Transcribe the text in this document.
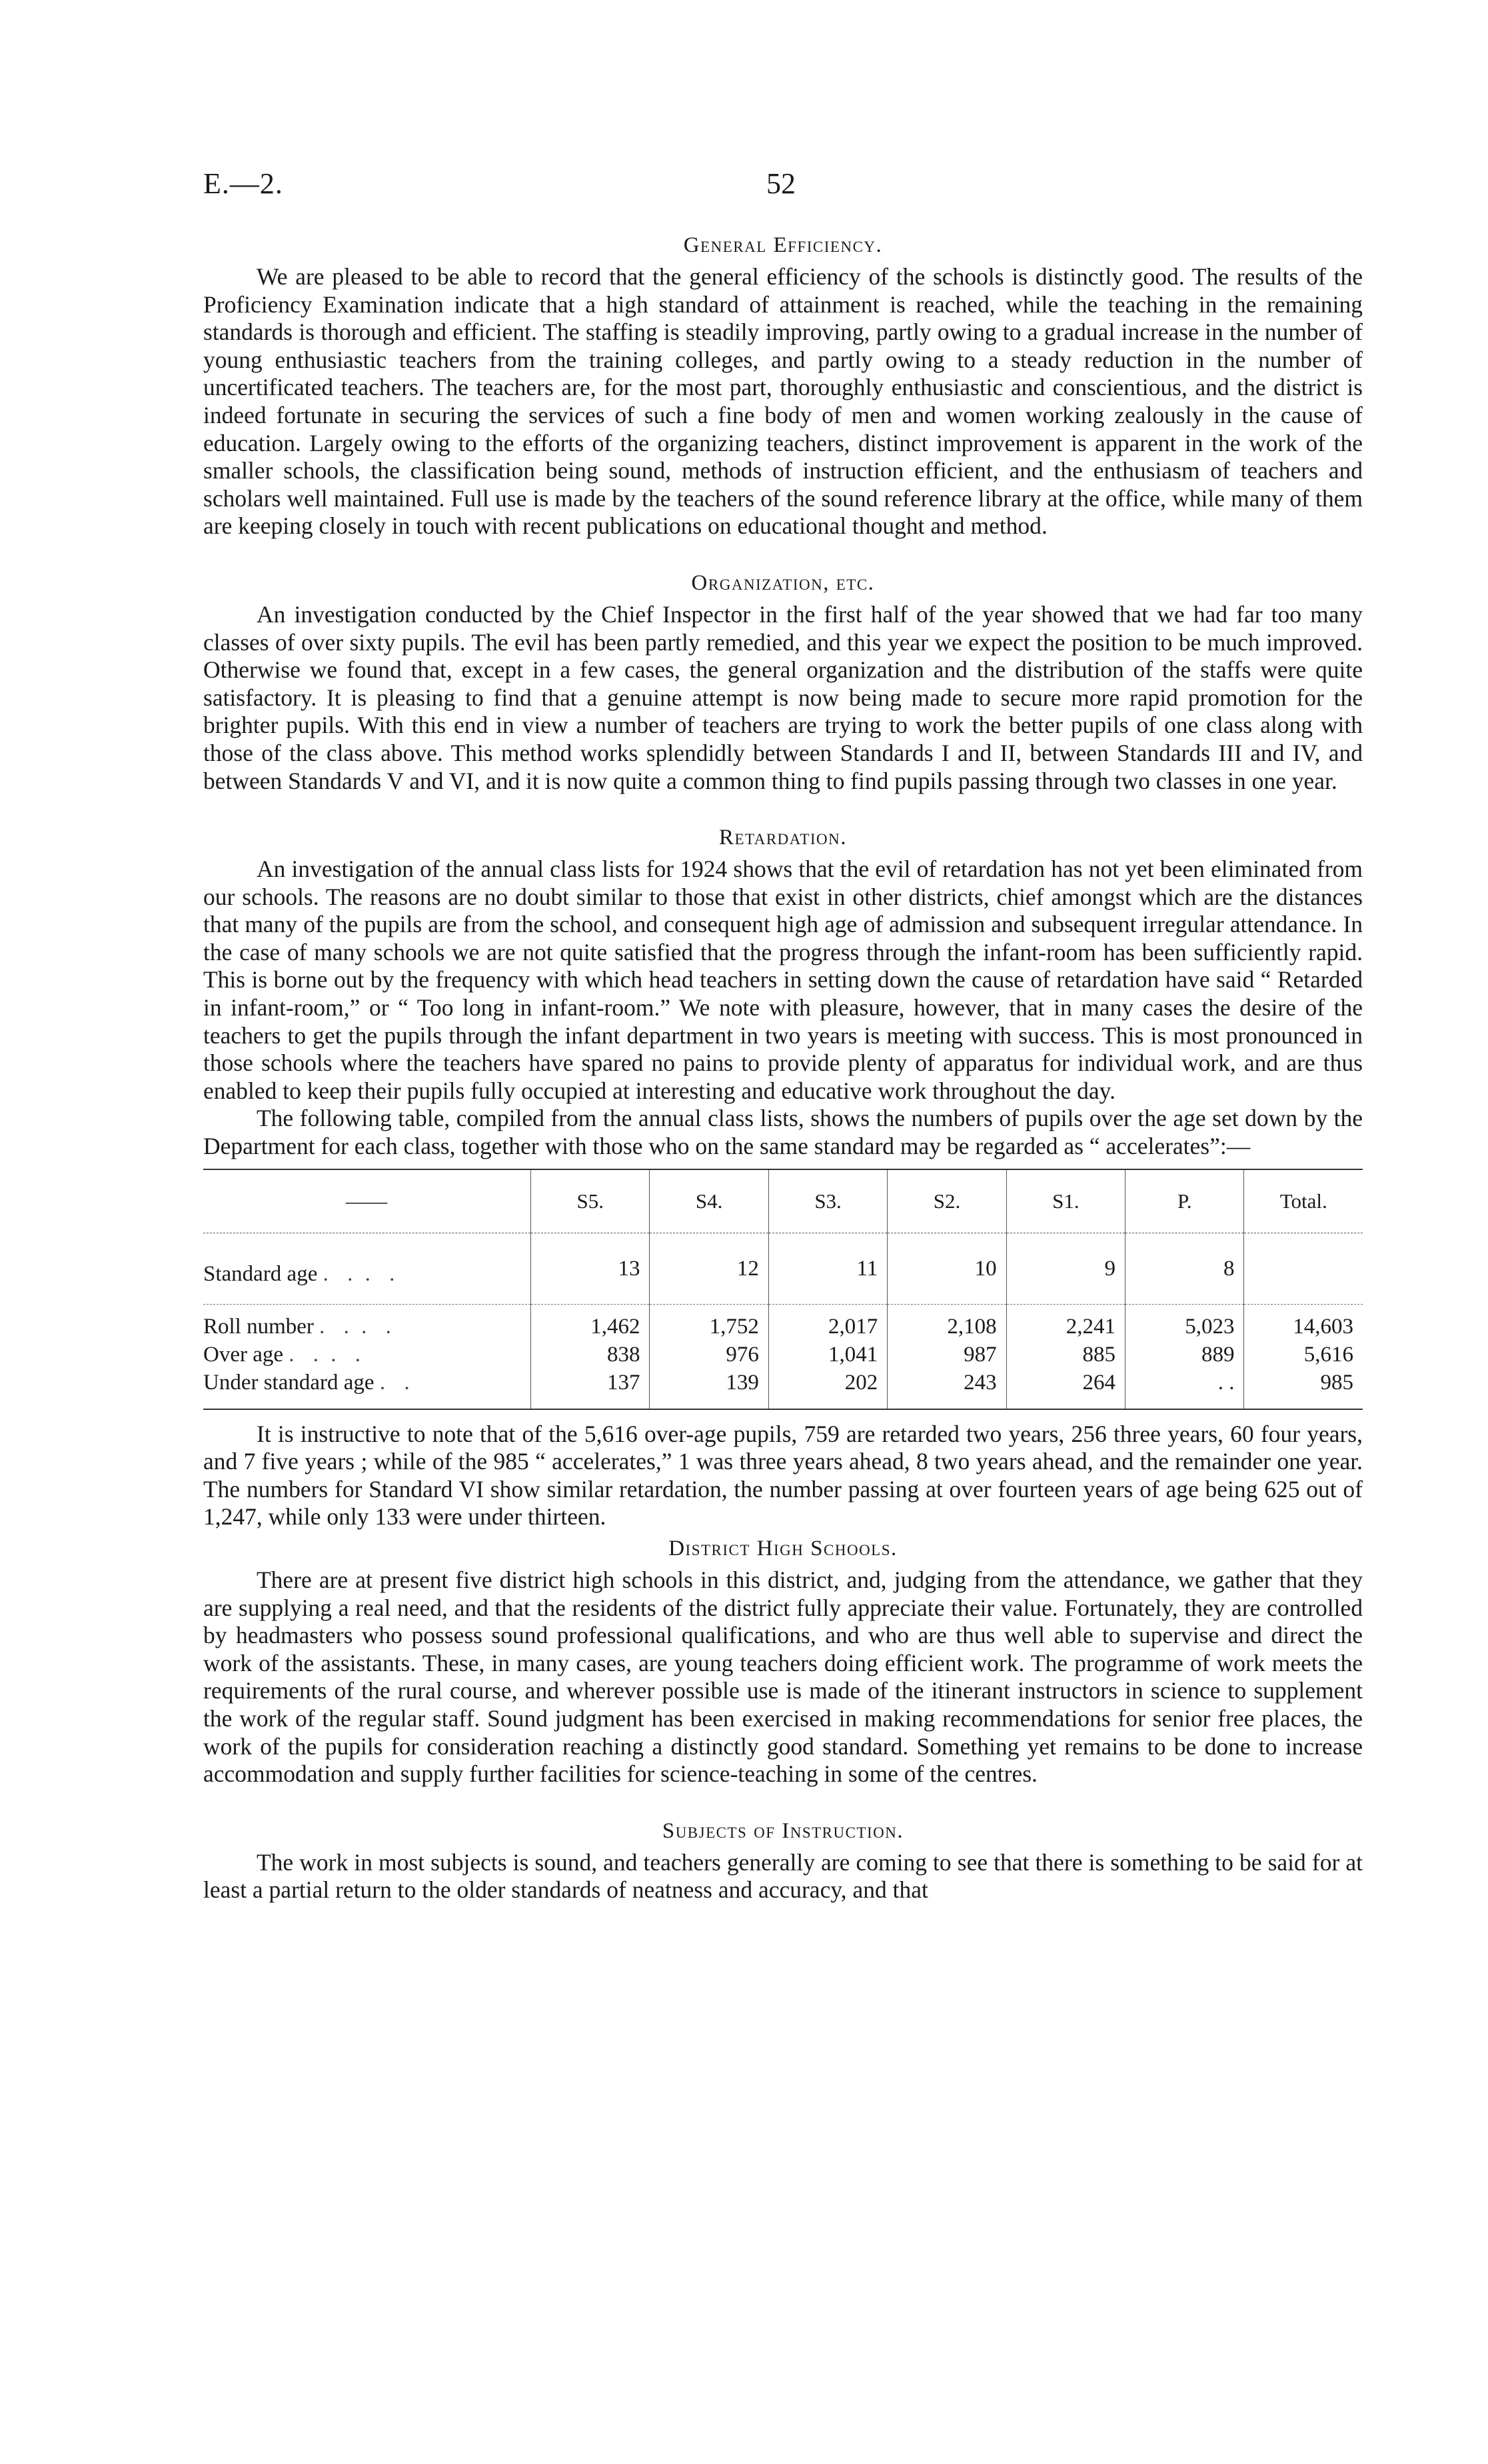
E.—2.	52
General Efficiency.

We are pleased to be able to record that the general efficiency of the schools is distinctly good. The results of the Proficiency Examination indicate that a high standard of attainment is reached, while the teaching in the remaining standards is thorough and efficient. The staffing is steadily improving, partly owing to a gradual increase in the number of young enthusiastic teachers from the training colleges, and partly owing to a steady reduction in the number of uncertificated teachers. The teachers are, for the most part, thoroughly enthusiastic and conscientious, and the district is indeed fortunate in securing the services of such a fine body of men and women working zealously in the cause of education. Largely owing to the efforts of the organizing teachers, distinct improvement is apparent in the work of the smaller schools, the classification being sound, methods of instruction efficient, and the enthusiasm of teachers and scholars well maintained. Full use is made by the teachers of the sound reference library at the office, while many of them are keeping closely in touch with recent publications on educational thought and method.

Organization, etc.

An investigation conducted by the Chief Inspector in the first half of the year showed that we had far too many classes of over sixty pupils. The evil has been partly remedied, and this year we expect the position to be much improved. Otherwise we found that, except in a few cases, the general organization and the distribution of the staffs were quite satisfactory. It is pleasing to find that a genuine attempt is now being made to secure more rapid promotion for the brighter pupils. With this end in view a number of teachers are trying to work the better pupils of one class along with those of the class above. This method works splendidly between Standards I and II, between Standards III and IV, and between Standards V and VI, and it is now quite a common thing to find pupils passing through two classes in one year.

Retardation.

An investigation of the annual class lists for 1924 shows that the evil of retardation has not yet been eliminated from our schools. The reasons are no doubt similar to those that exist in other districts, chief amongst which are the distances that many of the pupils are from the school, and consequent high age of admission and subsequent irregular attendance. In the case of many schools we are not quite satisfied that the progress through the infant-room has been sufficiently rapid. This is borne out by the frequency with which head teachers in setting down the cause of retardation have said “ Retarded in infant-room,” or “ Too long in infant-room.” We note with pleasure, however, that in many cases the desire of the teachers to get the pupils through the infant department in two years is meeting with success. This is most pronounced in those schools where the teachers have spared no pains to provide plenty of apparatus for individual work, and are thus enabled to keep their pupils fully occupied at interesting and educative work throughout the day.

The following table, compiled from the annual class lists, shows the numbers of pupils over the age set down by the Department for each class, together with those who on the same standard may be regarded as “ accelerates”:—

——	S5.	S4.	S3.	S2.	S1.	P.	Total.
Standard age . . . .	13	12	11	10	9	8	
Roll number . . . .	1,462	1,752	2,017	2,108	2,241	5,023	14,603
Over age . . . .	838	976	1,041	987	885	889	5,616
Under standard age . .	137	139	202	243	264	. .	985

It is instructive to note that of the 5,616 over-age pupils, 759 are retarded two years, 256 three years, 60 four years, and 7 five years ; while of the 985 “ accelerates,” 1 was three years ahead, 8 two years ahead, and the remainder one year. The numbers for Standard VI show similar retardation, the number passing at over fourteen years of age being 625 out of 1,247, while only 133 were under thirteen.

District High Schools.

There are at present five district high schools in this district, and, judging from the attendance, we gather that they are supplying a real need, and that the residents of the district fully appreciate their value. Fortunately, they are controlled by headmasters who possess sound professional qualifications, and who are thus well able to supervise and direct the work of the assistants. These, in many cases, are young teachers doing efficient work. The programme of work meets the requirements of the rural course, and wherever possible use is made of the itinerant instructors in science to supplement the work of the regular staff. Sound judgment has been exercised in making recommendations for senior free places, the work of the pupils for consideration reaching a distinctly good standard. Something yet remains to be done to increase accommodation and supply further facilities for science-teaching in some of the centres.

Subjects of Instruction.

The work in most subjects is sound, and teachers generally are coming to see that there is something to be said for at least a partial return to the older standards of neatness and accuracy, and that
